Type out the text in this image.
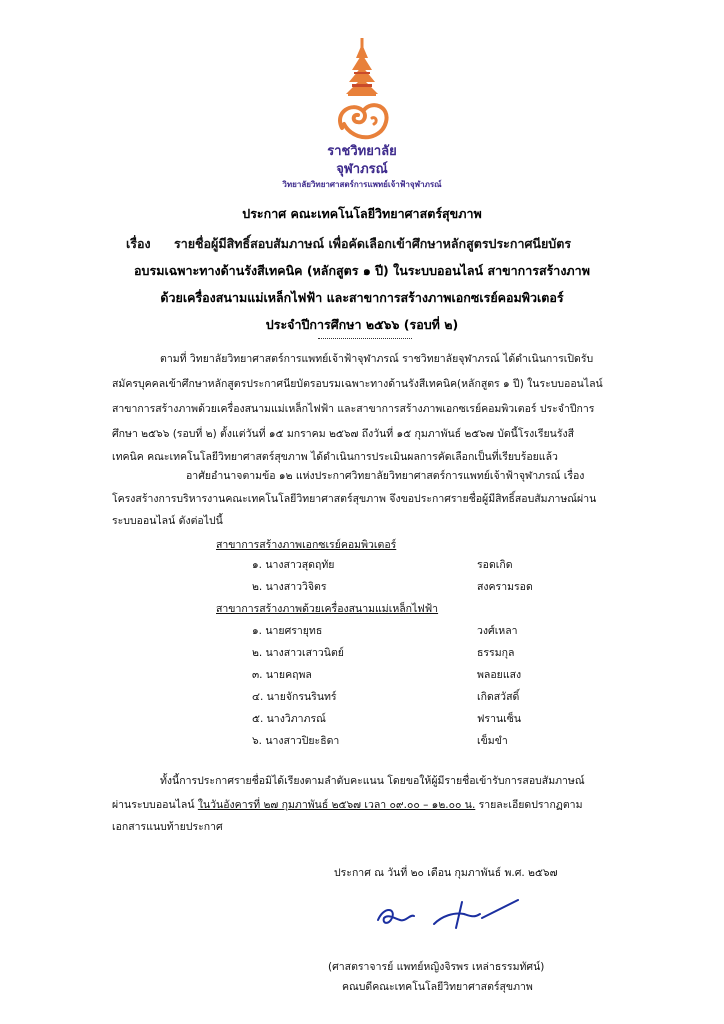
ราชวิทยาลัย
จุฬาภรณ์
วิทยาลัยวิทยาศาสตร์การแพทย์เจ้าฟ้าจุฬาภรณ์
ประกาศ คณะเทคโนโลยีวิทยาศาสตร์สุขภาพ
เรื่อง รายชื่อผู้มีสิทธิ์สอบสัมภาษณ์ เพื่อคัดเลือกเข้าศึกษาหลักสูตรประกาศนียบัตร
อบรมเฉพาะทางด้านรังสีเทคนิค (หลักสูตร ๑ ปี) ในระบบออนไลน์ สาขาการสร้างภาพ
ด้วยเครื่องสนามแม่เหล็กไฟฟ้า และสาขาการสร้างภาพเอกซเรย์คอมพิวเตอร์
ประจำปีการศึกษา ๒๕๖๖ (รอบที่ ๒)
ตามที่ วิทยาลัยวิทยาศาสตร์การแพทย์เจ้าฟ้าจุฬาภรณ์ ราชวิทยาลัยจุฬาภรณ์ ได้ดำเนินการเปิดรับ
สมัครบุคคลเข้าศึกษาหลักสูตรประกาศนียบัตรอบรมเฉพาะทางด้านรังสีเทคนิค(หลักสูตร ๑ ปี) ในระบบออนไลน์
สาขาการสร้างภาพด้วยเครื่องสนามแม่เหล็กไฟฟ้า และสาขาการสร้างภาพเอกซเรย์คอมพิวเตอร์ ประจำปีการ
ศึกษา ๒๕๖๖ (รอบที่ ๒) ตั้งแต่วันที่ ๑๕ มกราคม ๒๕๖๗ ถึงวันที่ ๑๕ กุมภาพันธ์ ๒๕๖๗ บัดนี้โรงเรียนรังสี
เทคนิค คณะเทคโนโลยีวิทยาศาสตร์สุขภาพ ได้ดำเนินการประเมินผลการคัดเลือกเป็นที่เรียบร้อยแล้ว
อาศัยอำนาจตามข้อ ๑๒ แห่งประกาศวิทยาลัยวิทยาศาสตร์การแพทย์เจ้าฟ้าจุฬาภรณ์ เรื่อง
โครงสร้างการบริหารงานคณะเทคโนโลยีวิทยาศาสตร์สุขภาพ จึงขอประกาศรายชื่อผู้มีสิทธิ์สอบสัมภาษณ์ผ่าน
ระบบออนไลน์ ดังต่อไปนี้
สาขาการสร้างภาพเอกซเรย์คอมพิวเตอร์
๑. นางสาวสุดฤทัย	รอดเกิด
๒. นางสาววิจิตร	สงครามรอด
สาขาการสร้างภาพด้วยเครื่องสนามแม่เหล็กไฟฟ้า
๑. นายศรายุทธ	วงศ์เหลา
๒. นางสาวเสาวนิตย์	ธรรมกุล
๓. นายคฤพล	พลอยแสง
๔. นายจักรนรินทร์	เกิดสวัสดิ์
๕. นางวิภาภรณ์	ฟรานเซ็น
๖. นางสาวปิยะธิดา	เข็มขำ
ทั้งนี้การประกาศรายชื่อมิได้เรียงตามลำดับคะแนน โดยขอให้ผู้มีรายชื่อเข้ารับการสอบสัมภาษณ์
ผ่านระบบออนไลน์ ในวันอังคารที่ ๒๗ กุมภาพันธ์ ๒๕๖๗ เวลา ๐๙.๐๐ – ๑๒.๐๐ น. รายละเอียดปรากฏตาม
เอกสารแนบท้ายประกาศ
ประกาศ ณ วันที่ ๒๐ เดือน กุมภาพันธ์ พ.ศ. ๒๕๖๗
(ศาสตราจารย์ แพทย์หญิงจิรพร เหล่าธรรมทัศน์)
คณบดีคณะเทคโนโลยีวิทยาศาสตร์สุขภาพ
